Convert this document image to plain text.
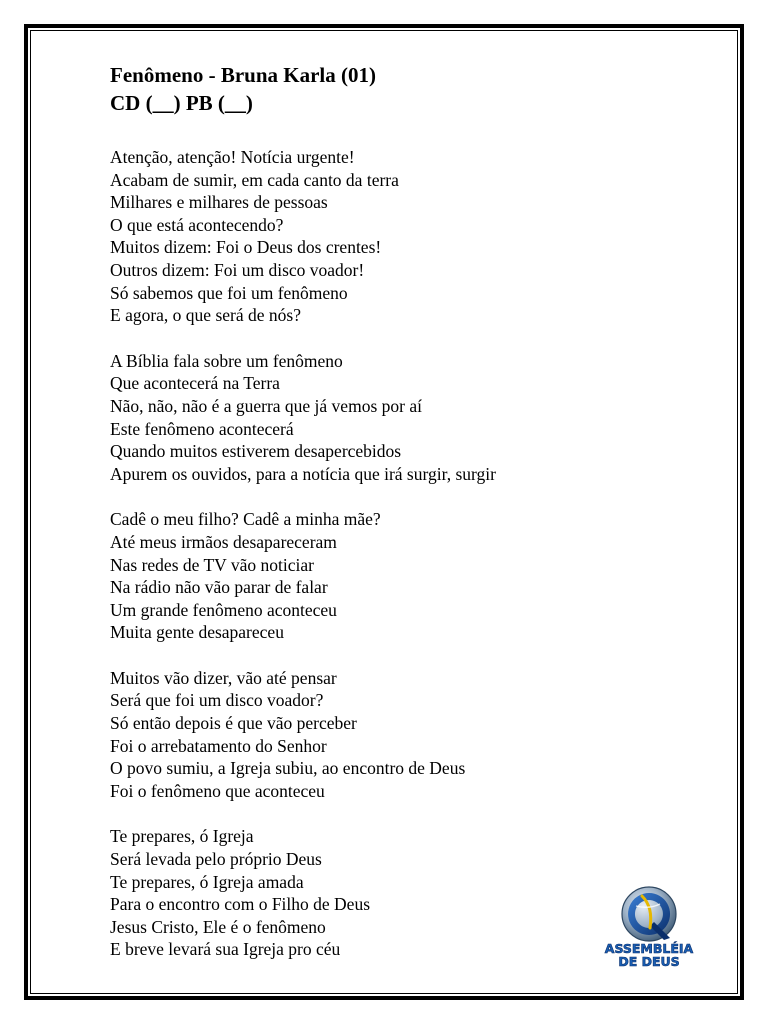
Fenômeno - Bruna Karla (01)
CD (__) PB (__)
Atenção, atenção! Notícia urgente!
Acabam de sumir, em cada canto da terra
Milhares e milhares de pessoas
O que está acontecendo?
Muitos dizem: Foi o Deus dos crentes!
Outros dizem: Foi um disco voador!
Só sabemos que foi um fenômeno
E agora, o que será de nós?
A Bíblia fala sobre um fenômeno
Que acontecerá na Terra
Não, não, não é a guerra que já vemos por aí
Este fenômeno acontecerá
Quando muitos estiverem desapercebidos
Apurem os ouvidos, para a notícia que irá surgir, surgir
Cadê o meu filho? Cadê a minha mãe?
Até meus irmãos desapareceram
Nas redes de TV vão noticiar
Na rádio não vão parar de falar
Um grande fenômeno aconteceu
Muita gente desapareceu
Muitos vão dizer, vão até pensar
Será que foi um disco voador?
Só então depois é que vão perceber
Foi o arrebatamento do Senhor
O povo sumiu, a Igreja subiu, ao encontro de Deus
Foi o fenômeno que aconteceu
Te prepares, ó Igreja
Será levada pelo próprio Deus
Te prepares, ó Igreja amada
Para o encontro com o Filho de Deus
Jesus Cristo, Ele é o fenômeno
E breve levará sua Igreja pro céu	ASSEMBLÉIA
DE DEUS
